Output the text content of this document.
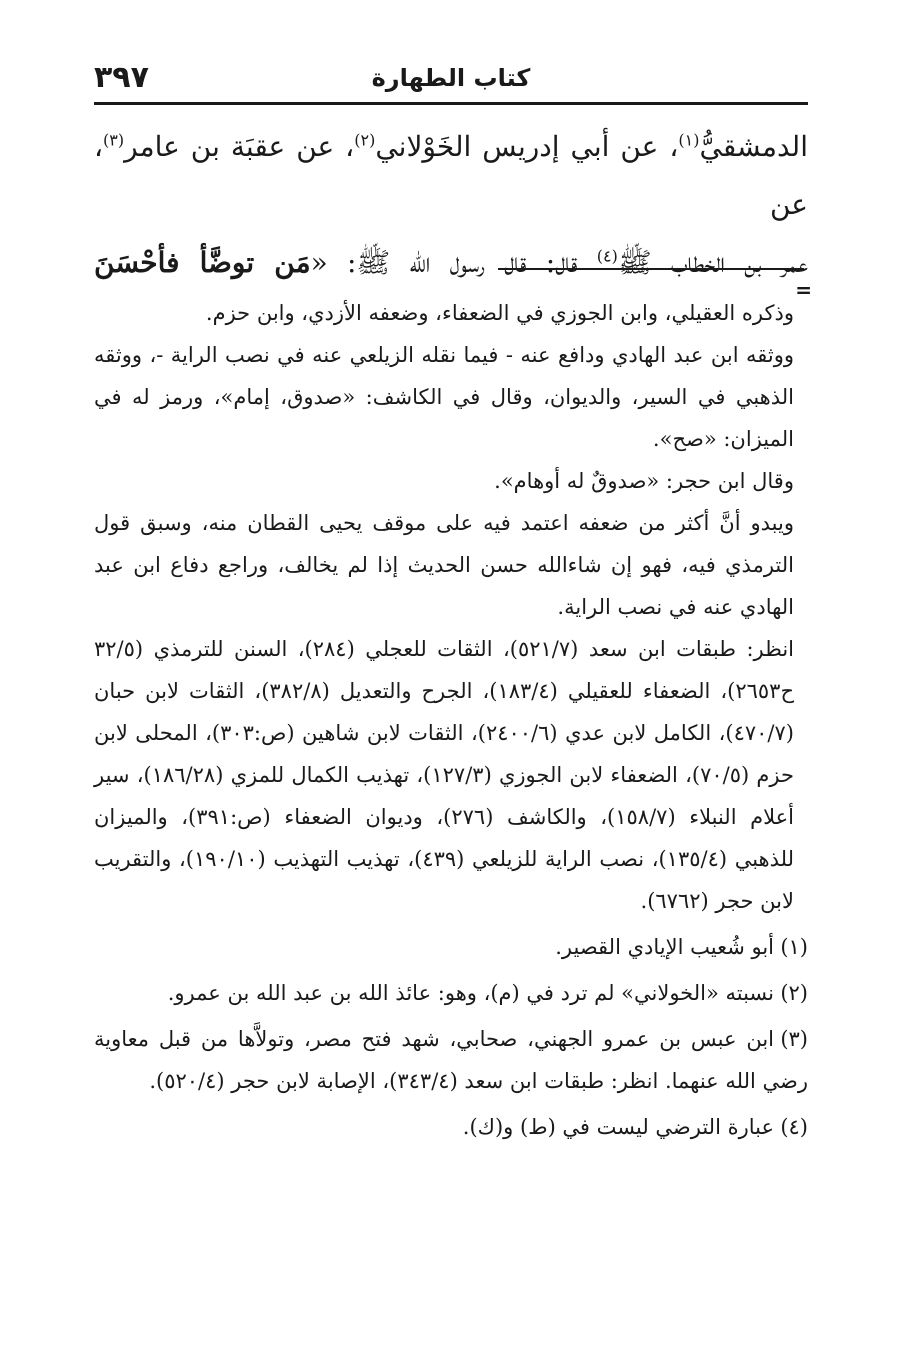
كتاب الطهارة
٣٩٧

الدمشقيُّ$^{(١)}$، عن أبي إدريس الخَوْلاني$^{(٢)}$، عن عقبَة بن عامر$^{(٣)}$، عن

عمر بن الخطاب ﷺ$^{(٤)}$ قال: قال رسول الله ﷺ: «مَن توضَّأ فأحْسَنَ

=

وذكره العقيلي، وابن الجوزي في الضعفاء، وضعفه الأزدي، وابن حزم.

ووثقه ابن عبد الهادي ودافع عنه - فيما نقله الزيلعي عنه في نصب الراية -، ووثقه الذهبي في السير، والديوان، وقال في الكاشف: «صدوق، إمام»، ورمز له في الميزان: «صح».

وقال ابن حجر: «صدوقٌ له أوهام».

ويبدو أنَّ أكثر من ضعفه اعتمد فيه على موقف يحيى القطان منه، وسبق قول الترمذي فيه، فهو إن شاءالله حسن الحديث إذا لم يخالف، وراجع دفاع ابن عبد الهادي عنه في نصب الراية.

انظر: طبقات ابن سعد (٥٢١/٧)، الثقات للعجلي (٢٨٤)، السنن للترمذي (٣٢/٥ ح٢٦٥٣)، الضعفاء للعقيلي (١٨٣/٤)، الجرح والتعديل (٣٨٢/٨)، الثقات لابن حبان (٤٧٠/٧)، الكامل لابن عدي (٢٤٠٠/٦)، الثقات لابن شاهين (ص:٣٠٣)، المحلى لابن حزم (٧٠/٥)، الضعفاء لابن الجوزي (١٢٧/٣)، تهذيب الكمال للمزي (١٨٦/٢٨)، سير أعلام النبلاء (١٥٨/٧)، والكاشف (٢٧٦)، وديوان الضعفاء (ص:٣٩١)، والميزان للذهبي (١٣٥/٤)، نصب الراية للزيلعي (٤٣٩)، تهذيب التهذيب (١٩٠/١٠)، والتقريب لابن حجر (٦٧٦٢).

(١)أبو شُعيب الإيادي القصير.

(٢)نسبته «الخولاني» لم ترد في (م)، وهو: عائذ الله بن عبد الله بن عمرو.

(٣)ابن عبس بن عمرو الجهني، صحابي، شهد فتح مصر، وتولاَّها من قبل معاوية رضي الله عنهما. انظر: طبقات ابن سعد (٣٤٣/٤)، الإصابة لابن حجر (٥٢٠/٤).

(٤)عبارة الترضي ليست في (ط) و(ك).
